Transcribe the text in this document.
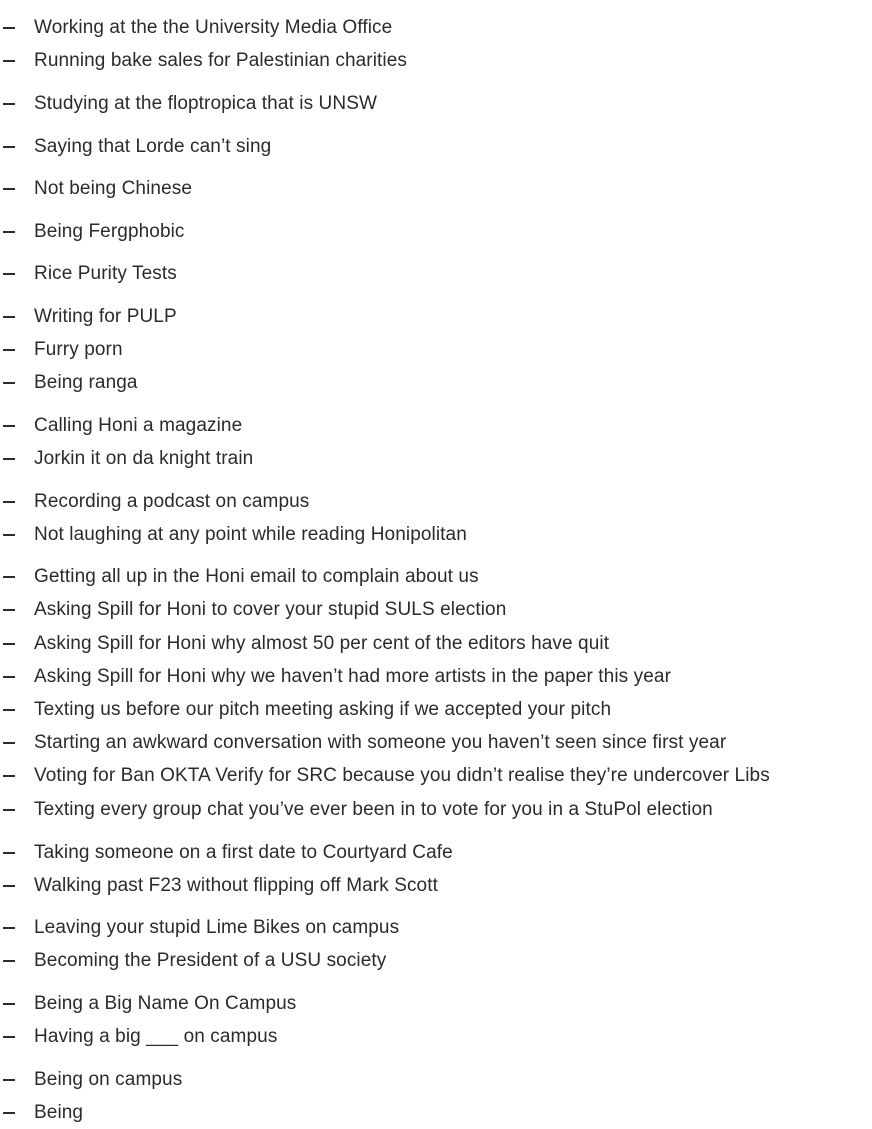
Working at the the University Media Office
Running bake sales for Palestinian charities
Studying at the floptropica that is UNSW
Saying that Lorde can’t sing
Not being Chinese
Being Fergphobic
Rice Purity Tests
Writing for PULP
Furry porn
Being ranga
Calling Honi a magazine
Jorkin it on da knight train
Recording a podcast on campus
Not laughing at any point while reading Honipolitan
Getting all up in the Honi email to complain about us
Asking Spill for Honi to cover your stupid SULS election
Asking Spill for Honi why almost 50 per cent of the editors have quit
Asking Spill for Honi why we haven’t had more artists in the paper this year
Texting us before our pitch meeting asking if we accepted your pitch
Starting an awkward conversation with someone you haven’t seen since first year
Voting for Ban OKTA Verify for SRC because you didn’t realise they’re undercover Libs
Texting every group chat you’ve ever been in to vote for you in a StuPol election
Taking someone on a first date to Courtyard Cafe
Walking past F23 without flipping off Mark Scott
Leaving your stupid Lime Bikes on campus
Becoming the President of a USU society
Being a Big Name On Campus
Having a big ___ on campus
Being on campus
Being
